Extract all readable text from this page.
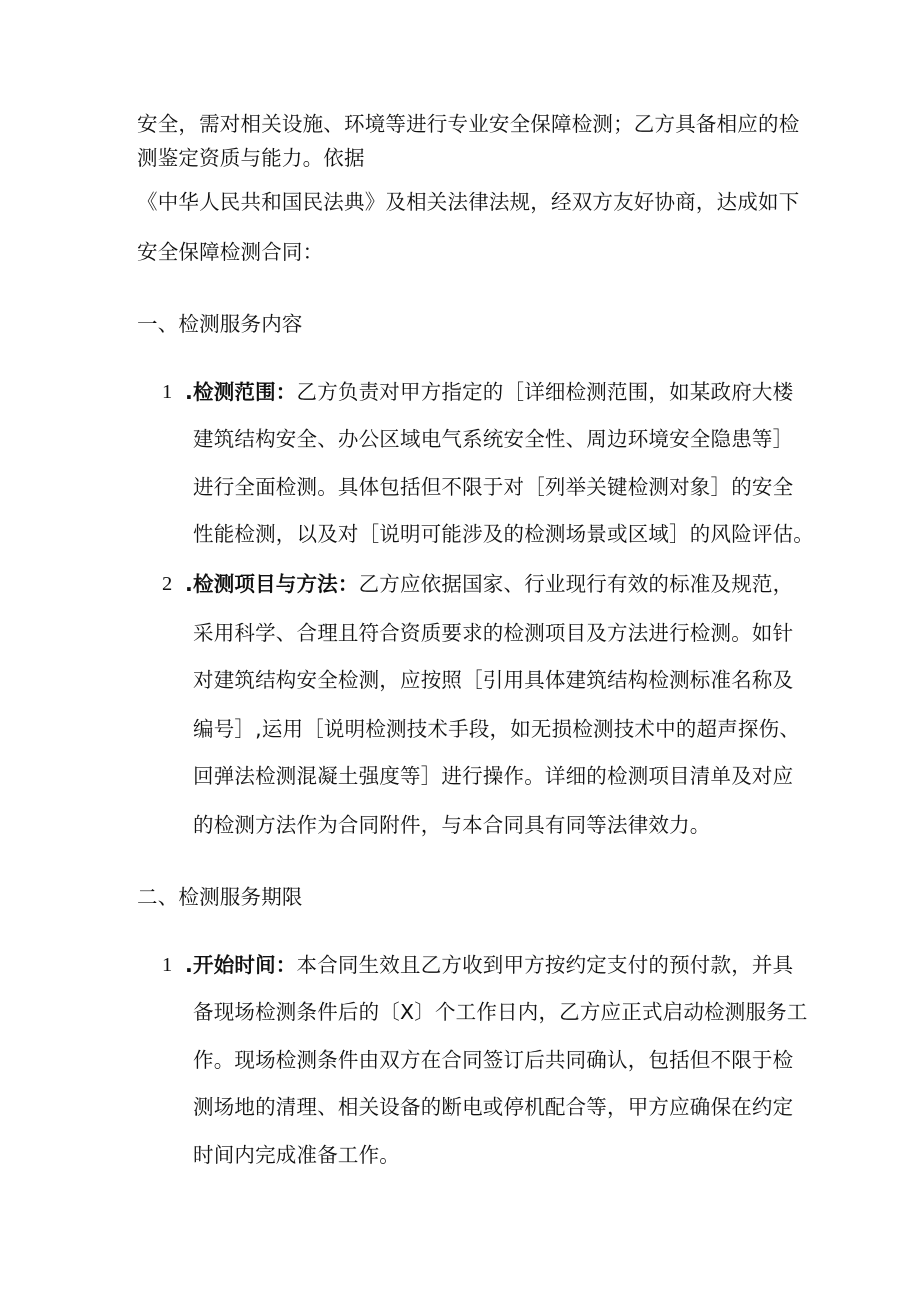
安全，需对相关设施、环境等进行专业安全保障检测；乙方具备相应的检
测鉴定资质与能力。依据
《中华人民共和国民法典》及相关法律法规，经双方友好协商，达成如下
安全保障检测合同：
一、检测服务内容
1 .检测范围：乙方负责对甲方指定的［详细检测范围，如某政府大楼
建筑结构安全、办公区域电气系统安全性、周边环境安全隐患等］
进行全面检测。具体包括但不限于对［列举关键检测对象］的安全
性能检测，以及对［说明可能涉及的检测场景或区域］的风险评估。
2 .检测项目与方法：乙方应依据国家、行业现行有效的标准及规范，
采用科学、合理且符合资质要求的检测项目及方法进行检测。如针
对建筑结构安全检测，应按照［引用具体建筑结构检测标准名称及
编号］,运用［说明检测技术手段，如无损检测技术中的超声探伤、
回弹法检测混凝土强度等］进行操作。详细的检测项目清单及对应
的检测方法作为合同附件，与本合同具有同等法律效力。
二、检测服务期限
1 .开始时间：本合同生效且乙方收到甲方按约定支付的预付款，并具
备现场检测条件后的〔X〕个工作日内，乙方应正式启动检测服务工
作。现场检测条件由双方在合同签订后共同确认，包括但不限于检
测场地的清理、相关设备的断电或停机配合等，甲方应确保在约定
时间内完成准备工作。
